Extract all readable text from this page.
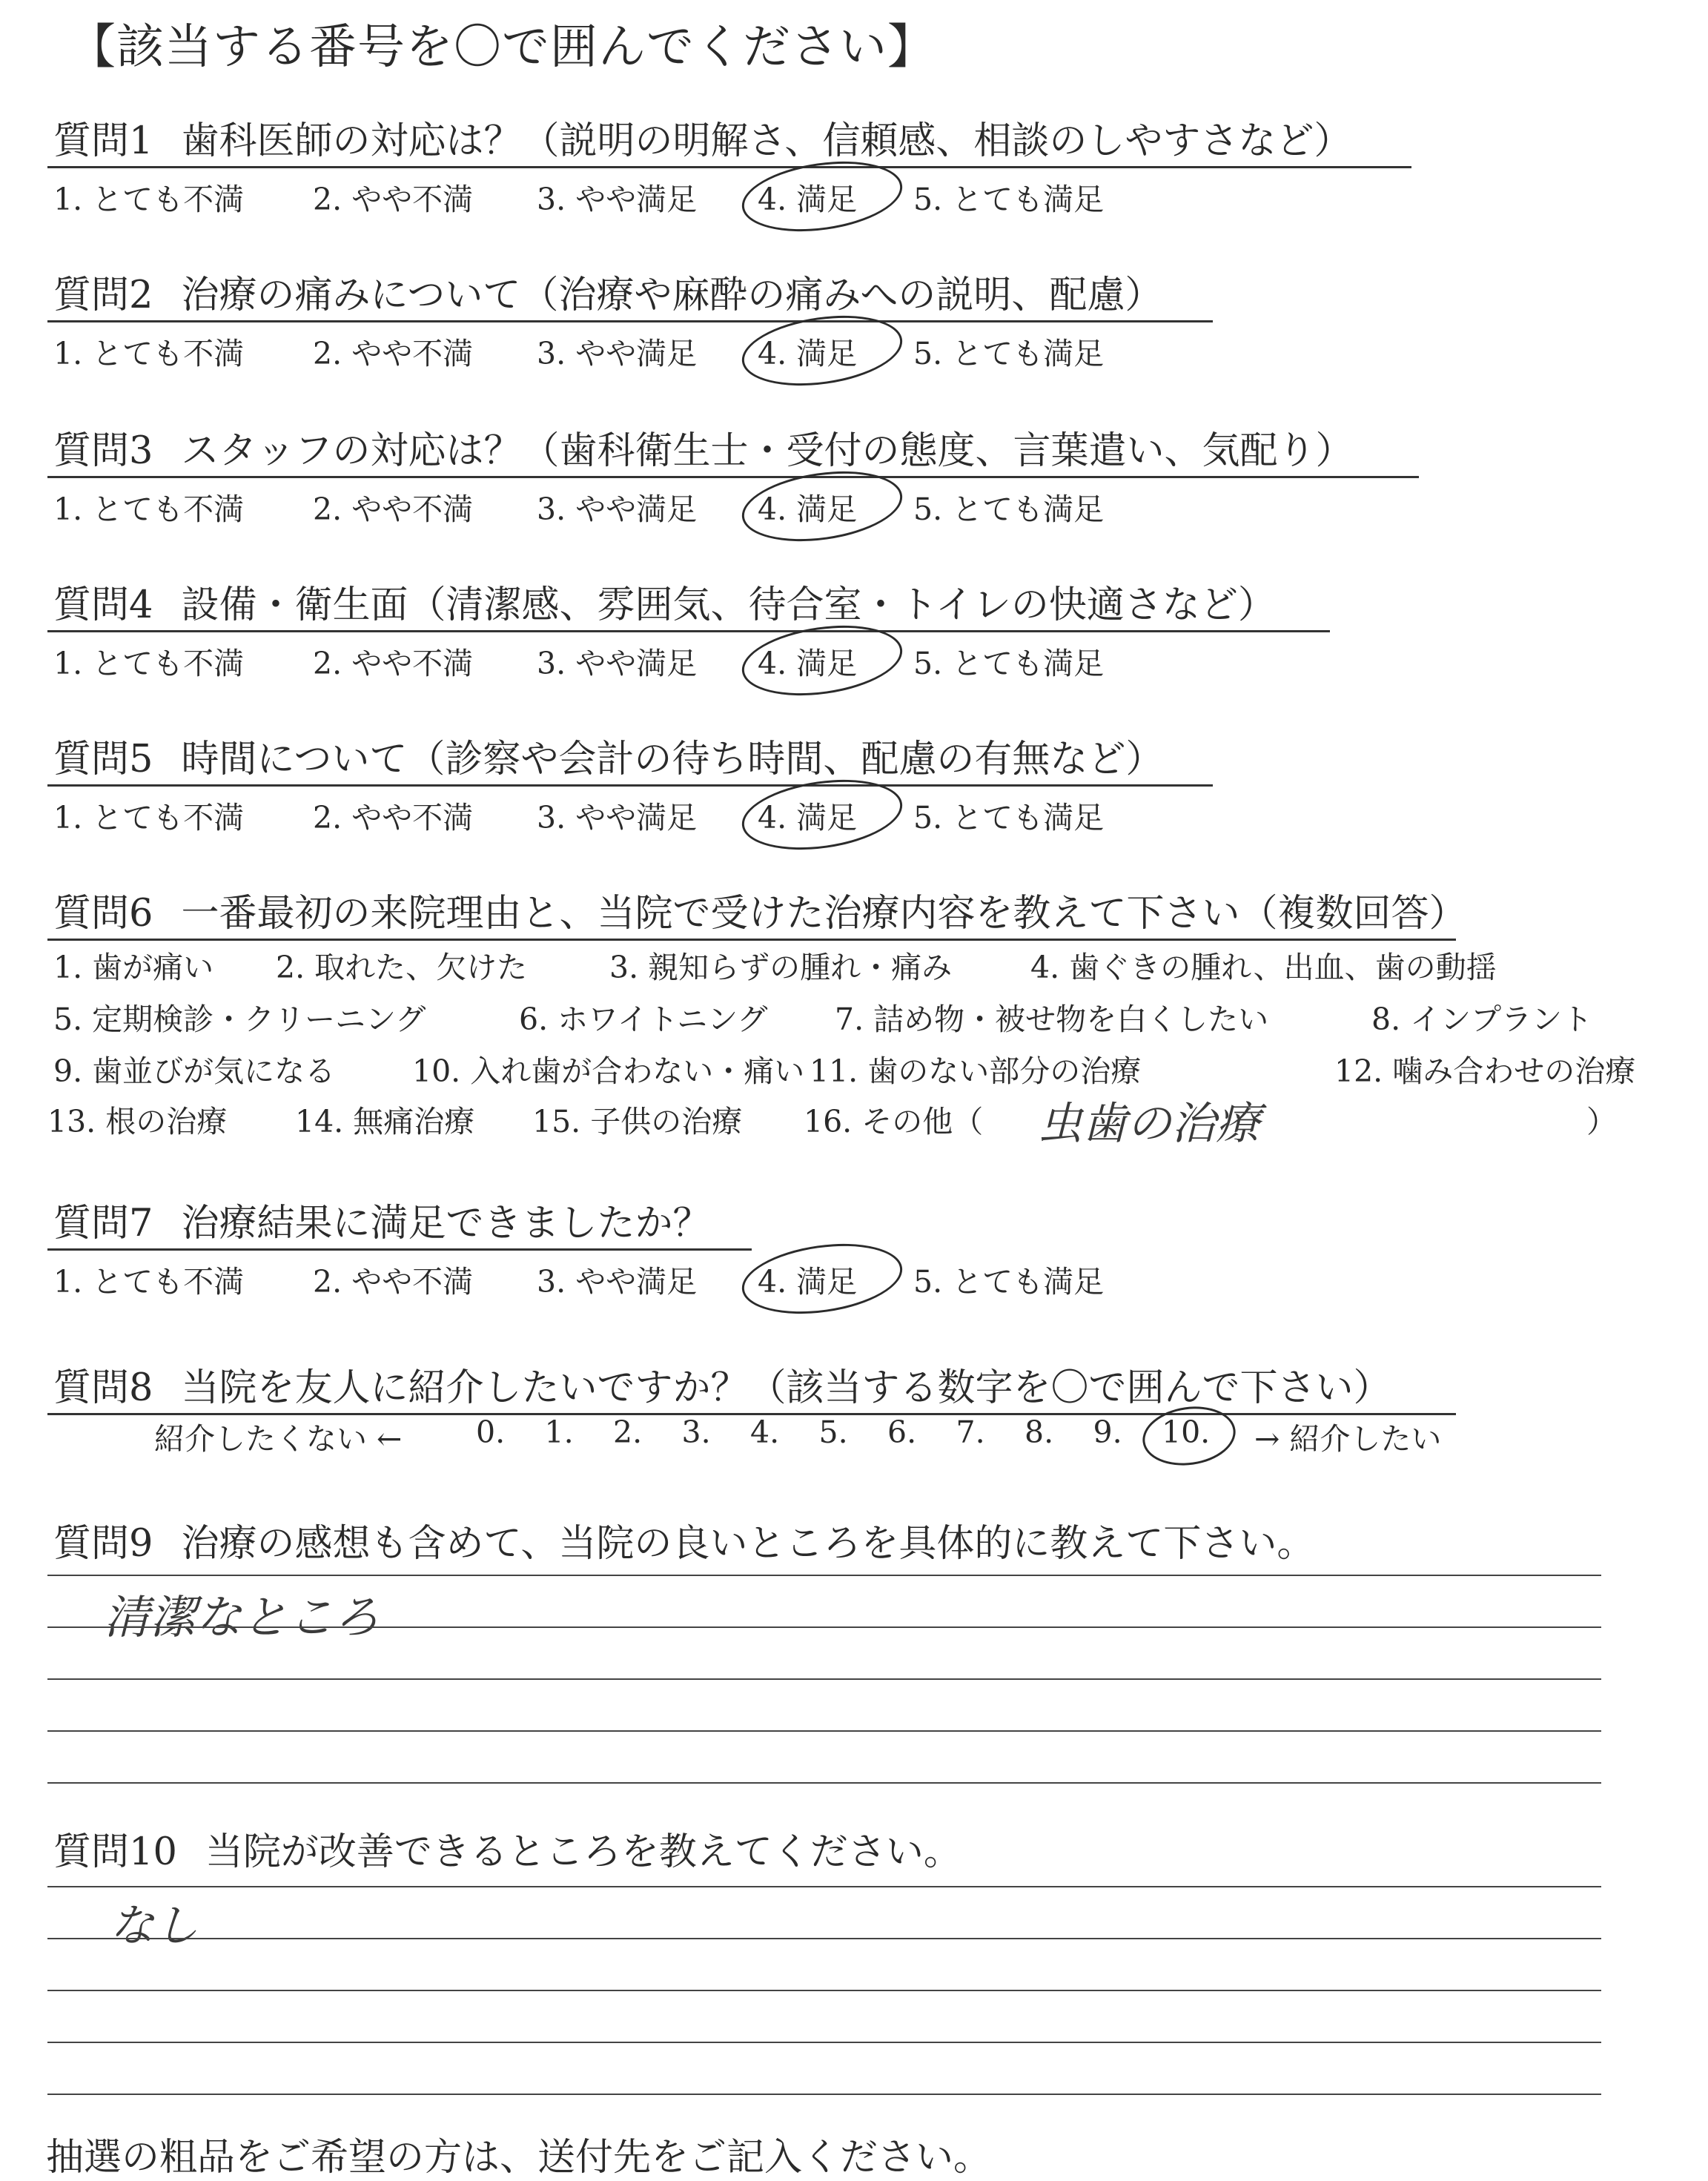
【該当する番号を〇で囲んでください】
質問1 歯科医師の対応は？（説明の明解さ、信頼感、相談のしやすさなど）
1. とても不満 2. やや不満 3. やや満足 4. 満足 5. とても満足
質問2 治療の痛みについて（治療や麻酔の痛みへの説明、配慮）
1. とても不満 2. やや不満 3. やや満足 4. 満足 5. とても満足
質問3 スタッフの対応は？（歯科衛生士・受付の態度、言葉遣い、気配り）
1. とても不満 2. やや不満 3. やや満足 4. 満足 5. とても満足
質問4 設備・衛生面（清潔感、雰囲気、待合室・トイレの快適さなど）
1. とても不満 2. やや不満 3. やや満足 4. 満足 5. とても満足
質問5 時間について（診察や会計の待ち時間、配慮の有無など）
1. とても不満 2. やや不満 3. やや満足 4. 満足 5. とても満足
質問6 一番最初の来院理由と、当院で受けた治療内容を教えて下さい（複数回答）
1. 歯が痛い 2. 取れた、欠けた	3. 親知らずの腫れ・痛み	4. 歯ぐきの腫れ、出血、歯の動揺
5. 定期検診・クリーニング	6. ホワイトニング 7. 詰め物・被せ物を白くしたい	8. インプラント
9. 歯並びが気になる	10. 入れ歯が合わない・痛い 11. 歯のない部分の治療	12. 噛み合わせの治療
13. 根の治療 14. 無痛治療 15. 子供の治療 16. その他（	）
虫歯の治療
質問7 治療結果に満足できましたか？
1. とても不満 2. やや不満 3. やや満足 4. 満足 5. とても満足
質問8 当院を友人に紹介したいですか？（該当する数字を〇で囲んで下さい）
紹介したくない ←	→ 紹介したい
0. 1. 2. 3. 4. 5. 6. 7. 8. 9. 10.
質問9 治療の感想も含めて、当院の良いところを具体的に教えて下さい。
清潔なところ
質問10 当院が改善できるところを教えてください。
なし
抽選の粗品をご希望の方は、送付先をご記入ください。
